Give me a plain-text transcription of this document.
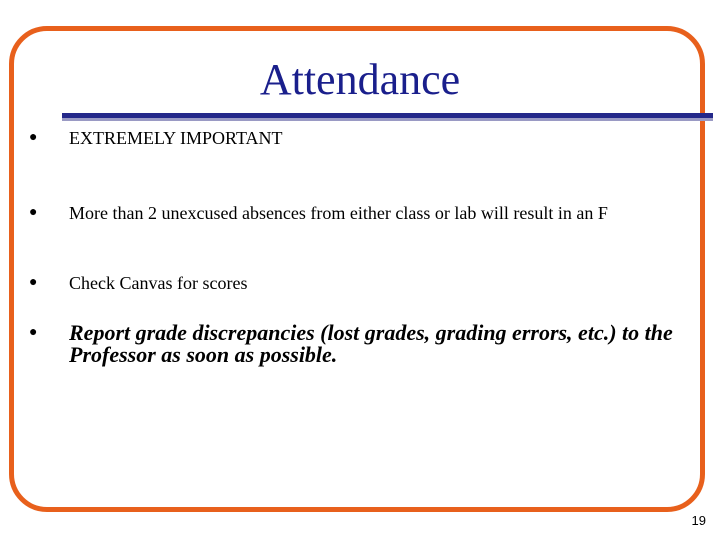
Attendance
●	EXTREMELY IMPORTANT
●	More than 2 unexcused absences from either class or lab will result in an F
●	Check Canvas for scores
●	Report grade discrepancies (lost grades, grading errors, etc.) to the Professor as soon as possible.
19
